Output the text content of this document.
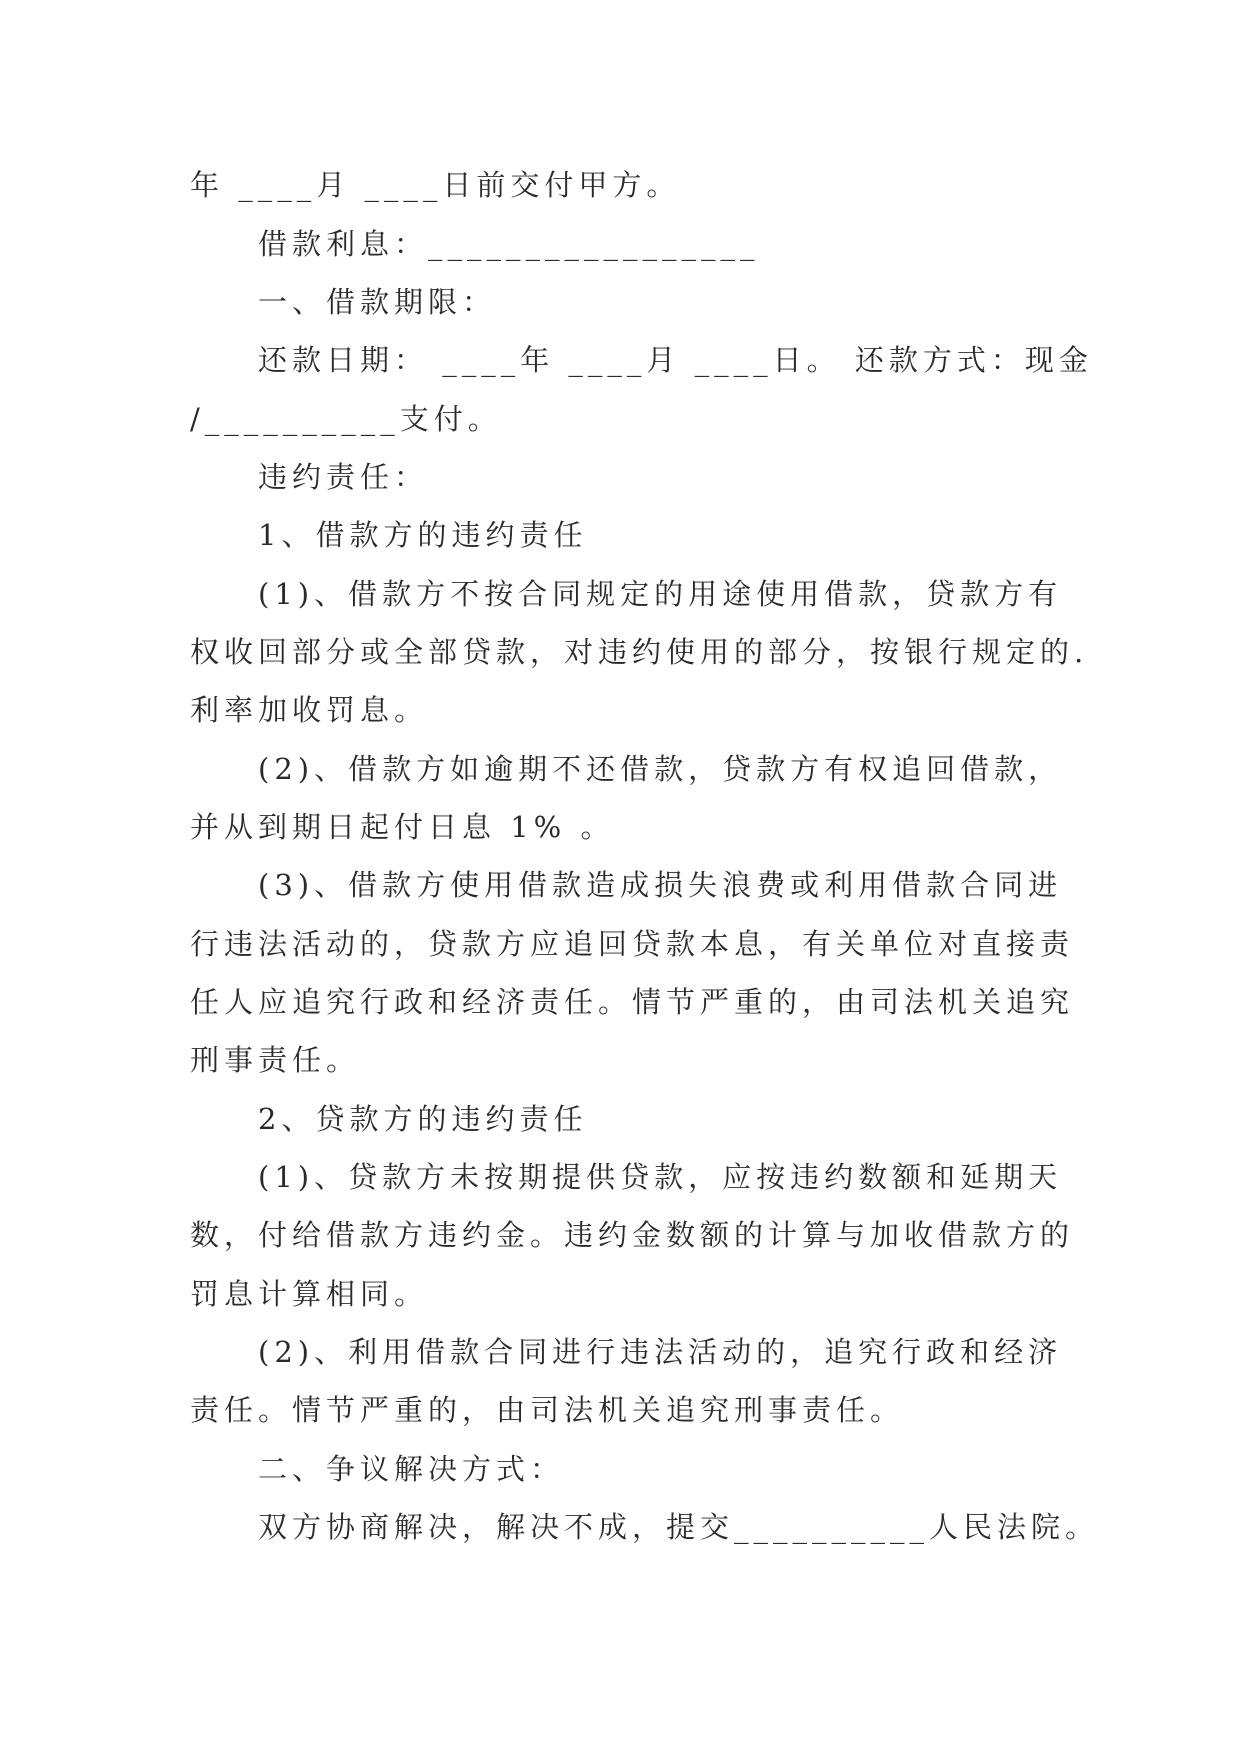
年 ____月 ____日前交付甲方。
借款利息：_________________
一、借款期限：
还款日期： ____年 ____月 ____日。 还款方式：现金
/__________支付。
违约责任：
1、借款方的违约责任
(1)、借款方不按合同规定的用途使用借款，贷款方有
权收回部分或全部贷款，对违约使用的部分，按银行规定的.
利率加收罚息。
(2)、借款方如逾期不还借款，贷款方有权追回借款，
并从到期日起付日息 1% 。
(3)、借款方使用借款造成损失浪费或利用借款合同进
行违法活动的，贷款方应追回贷款本息，有关单位对直接责
任人应追究行政和经济责任。情节严重的，由司法机关追究
刑事责任。
2、贷款方的违约责任
(1)、贷款方未按期提供贷款，应按违约数额和延期天
数，付给借款方违约金。违约金数额的计算与加收借款方的
罚息计算相同。
(2)、利用借款合同进行违法活动的，追究行政和经济
责任。情节严重的，由司法机关追究刑事责任。
二、争议解决方式：
双方协商解决，解决不成，提交__________人民法院。
